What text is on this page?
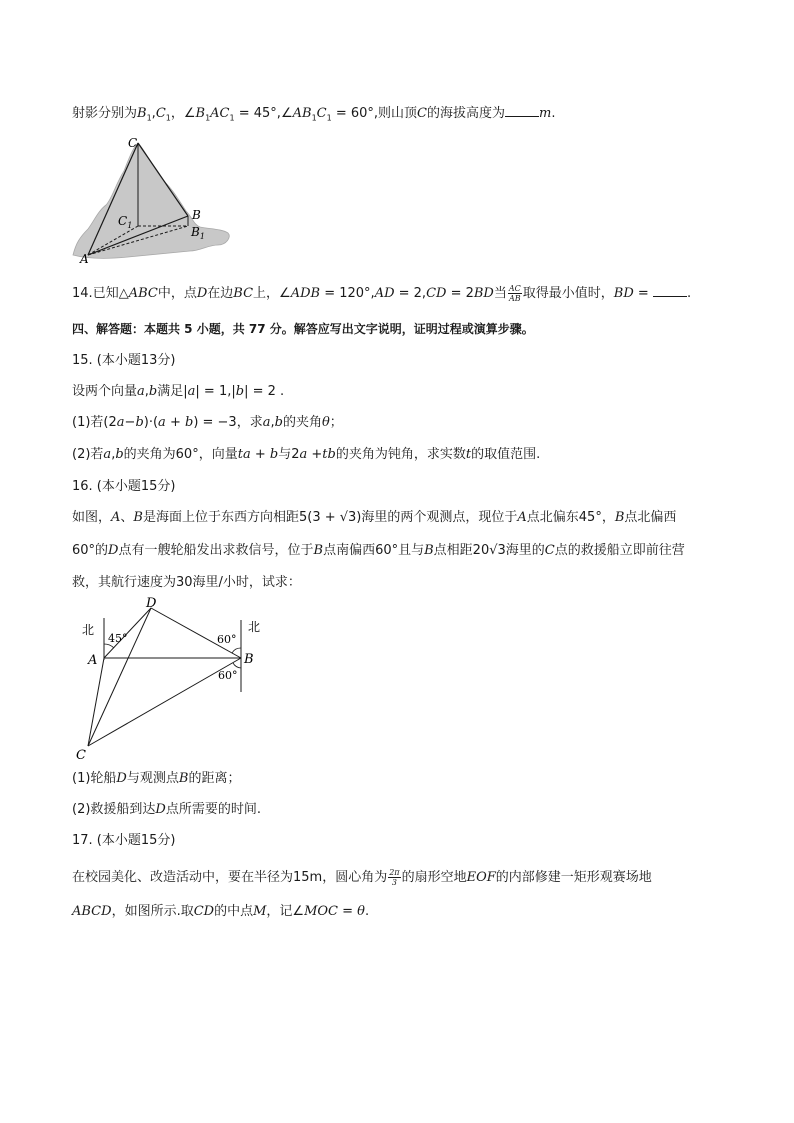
射影分别为$B_1,C_1$，$\angle B_1AC_1$ = $45^\circ,\angle AB_1C_1 = 60^\circ$,则山顶C的海拔高度为	m.
C
B
$C_1$	$B_1$
A
14.已知△ABC中，点D在边BC上，∠ADB = 120°,AD = 2,CD = 2BD当 $\frac{AC}{AB}$ 取得最小值时，BD =	.
四、解答题：本题共 5 小题，共 77 分。解答应写出文字说明，证明过程或演算步骤。
15. (本小题13分)
设两个向量a,b满足|a| = 1,|b| = 2 .
(1)若(2a−b)·(a + b) = −3，求a,b的夹角θ；
(2)若a,b的夹角为60°，向量ta + b与2a +tb的夹角为钝角，求实数t的取值范围.
16. (本小题15分)
如图，A、B是海面上位于东西方向相距5(3 + √3)海里的两个观测点，现位于A点北偏东45°，B点北偏西
60°的D点有一艘轮船发出求救信号，位于B点南偏西60°且与B点相距20√3海里的C点的救援船立即前往营
救，其航行速度为30海里/小时，试求：
北	北
45°	60°
60°
D
A	B
C
(1)轮船D与观测点B的距离；
(2)救援船到达D点所需要的时间.
17. (本小题15分)
在校园美化、改造活动中，要在半径为15m，圆心角为 $\frac{2\pi}{3}$ 的扇形空地EOF的内部修建一矩形观赛场地
ABCD，如图所示.取CD的中点M，记∠MOC = θ.
